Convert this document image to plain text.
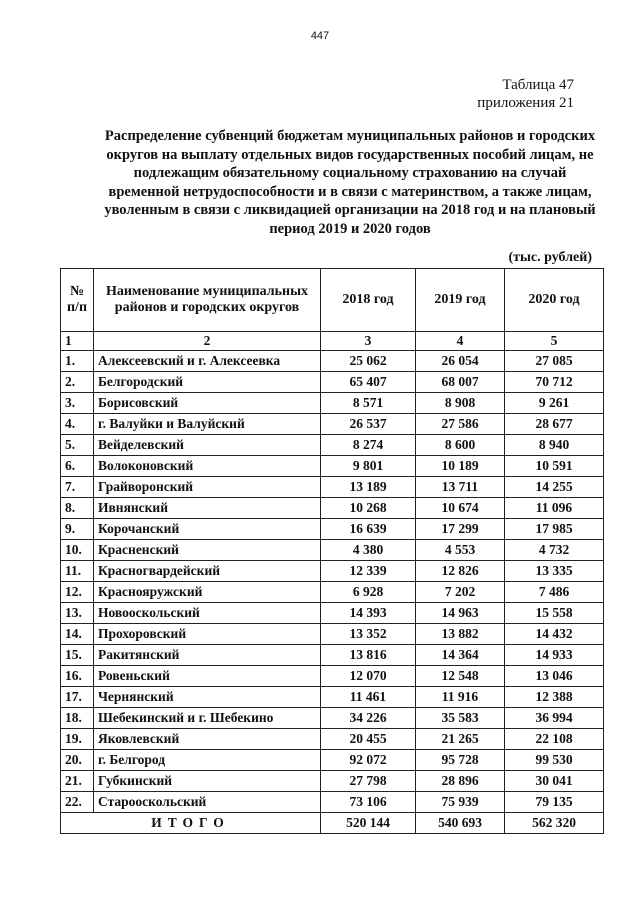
447
Таблица 47
приложения 21
Распределение субвенций бюджетам муниципальных районов и городских округов на выплату отдельных видов государственных пособий лицам, не подлежащим обязательному социальному страхованию на случай временной нетрудоспособности и в связи с материнством, а также лицам, уволенным в связи с ликвидацией организации на 2018 год и на плановый период 2019 и 2020 годов
(тыс. рублей)
№ п/п	Наименование муниципальных районов и городских округов	2018 год	2019 год	2020 год
1	2	3	4	5
1.	Алексеевский и г. Алексеевка	25 062	26 054	27 085
2.	Белгородский	65 407	68 007	70 712
3.	Борисовский	8 571	8 908	9 261
4.	г. Валуйки и Валуйский	26 537	27 586	28 677
5.	Вейделевский	8 274	8 600	8 940
6.	Волоконовский	9 801	10 189	10 591
7.	Грайворонский	13 189	13 711	14 255
8.	Ивнянский	10 268	10 674	11 096
9.	Корочанский	16 639	17 299	17 985
10.	Красненский	4 380	4 553	4 732
11.	Красногвардейский	12 339	12 826	13 335
12.	Краснояружский	6 928	7 202	7 486
13.	Новооскольский	14 393	14 963	15 558
14.	Прохоровский	13 352	13 882	14 432
15.	Ракитянский	13 816	14 364	14 933
16.	Ровеньский	12 070	12 548	13 046
17.	Чернянский	11 461	11 916	12 388
18.	Шебекинский и г. Шебекино	34 226	35 583	36 994
19.	Яковлевский	20 455	21 265	22 108
20.	г. Белгород	92 072	95 728	99 530
21.	Губкинский	27 798	28 896	30 041
22.	Старооскольский	73 106	75 939	79 135
ИТОГО		520 144	540 693	562 320
